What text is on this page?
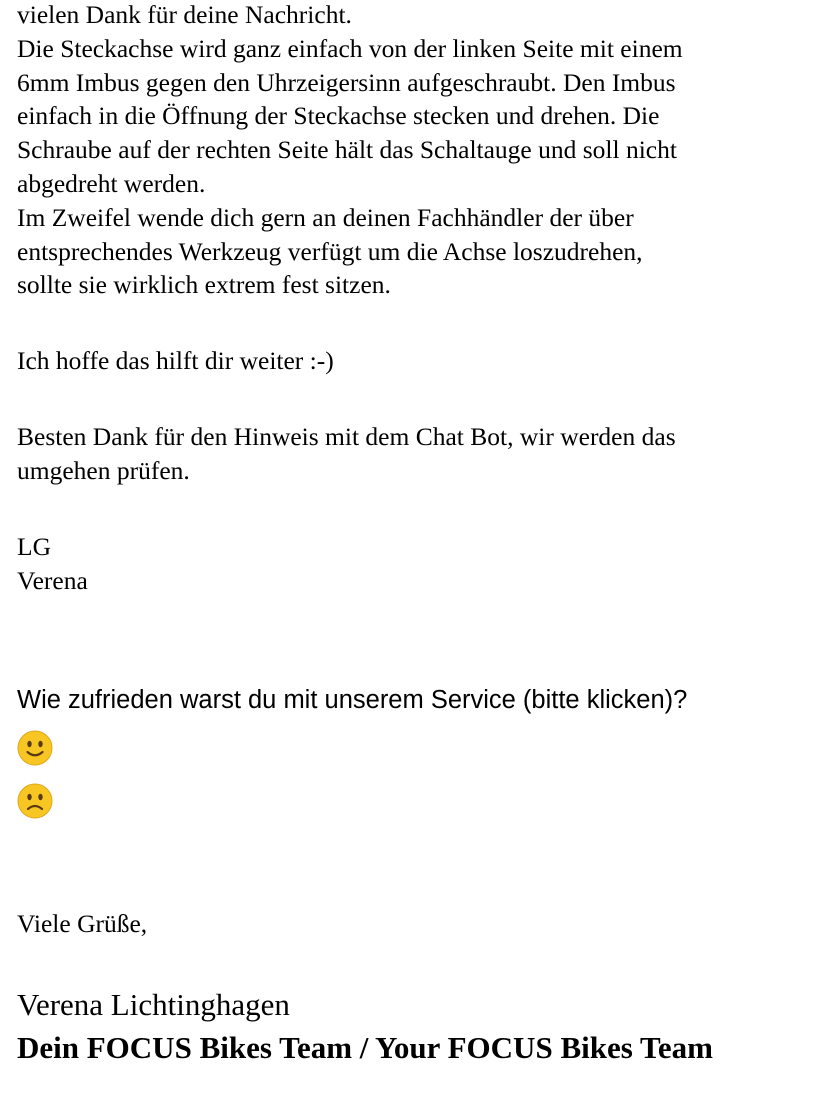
vielen Dank für deine Nachricht.
Die Steckachse wird ganz einfach von der linken Seite mit einem
6mm Imbus gegen den Uhrzeigersinn aufgeschraubt. Den Imbus
einfach in die Öffnung der Steckachse stecken und drehen. Die
Schraube auf der rechten Seite hält das Schaltauge und soll nicht
abgedreht werden.
Im Zweifel wende dich gern an deinen Fachhändler der über
entsprechendes Werkzeug verfügt um die Achse loszudrehen,
sollte sie wirklich extrem fest sitzen.
Ich hoffe das hilft dir weiter :-)
Besten Dank für den Hinweis mit dem Chat Bot, wir werden das
umgehen prüfen.
LG
Verena
Wie zufrieden warst du mit unserem Service (bitte klicken)?
Viele Grüße,
Verena Lichtinghagen
Dein FOCUS Bikes Team / Your FOCUS Bikes Team
